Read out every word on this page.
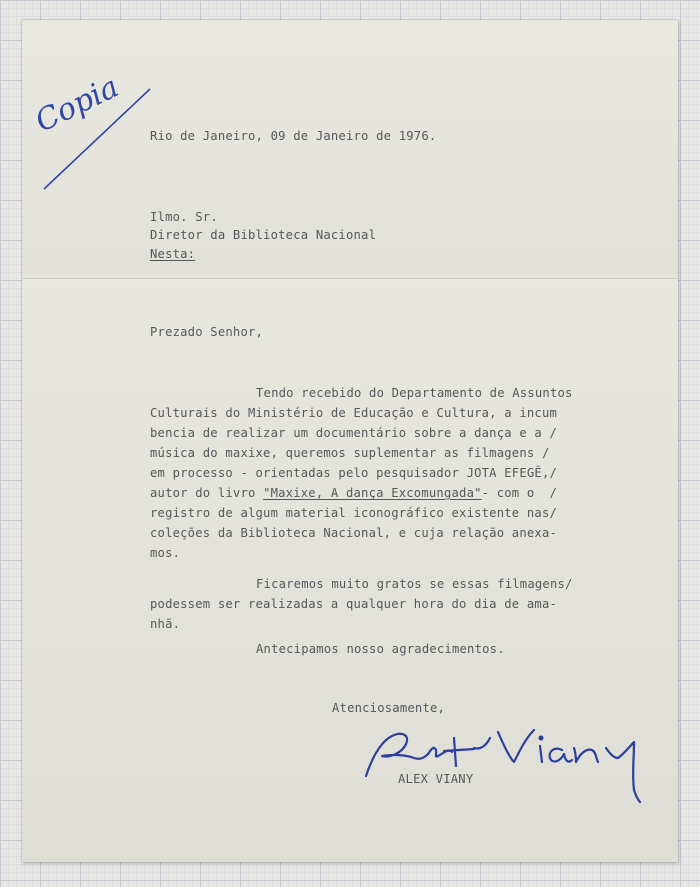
Copia Rio de Janeiro, 09 de Janeiro de 1976.
Ilmo. Sr.
Diretor da Biblioteca Nacional
Nesta:
Prezado Senhor,
Tendo recebido do Departamento de Assuntos
Culturais do Ministério de Educação e Cultura, a incum
bencia de realizar um documentário sobre a dança e a /
música do maxixe, queremos suplementar as filmagens /
em processo - orientadas pelo pesquisador JOTA EFEGÊ,/
autor do livro "Maxixe, A dança Excomungada"- com o  /
registro de algum material iconográfico existente nas/
coleções da Biblioteca Nacional, e cuja relação anexa-
mos.
Ficaremos muito gratos se essas filmagens/
podessem ser realizadas a qualquer hora do dia de ama-
nhã.
Antecipamos nosso agradecimentos.
Atenciosamente,
ALEX VIANY
